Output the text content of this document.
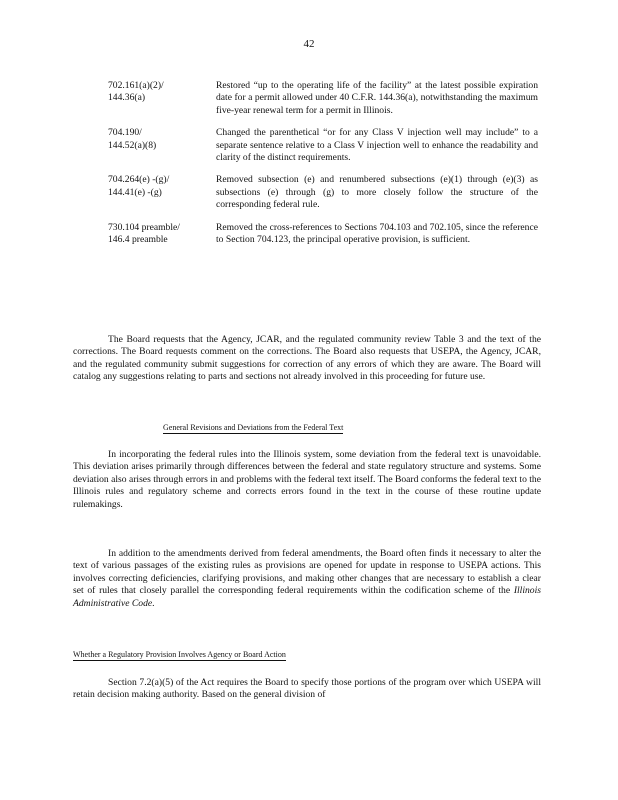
42
702.161(a)(2)/
144.36(a)
Restored “up to the operating life of the facility” at the latest possible expiration date for a permit allowed under 40 C.F.R. 144.36(a), notwithstanding the maximum five-year renewal term for a permit in Illinois.
704.190/
144.52(a)(8)
Changed the parenthetical “or for any Class V injection well may include” to a separate sentence relative to a Class V injection well to enhance the readability and clarity of the distinct requirements.
704.264(e) -(g)/
144.41(e) -(g)
Removed subsection (e) and renumbered subsections (e)(1) through (e)(3) as subsections (e) through (g) to more closely follow the structure of the corresponding federal rule.
730.104 preamble/
146.4 preamble
Removed the cross-references to Sections 704.103 and 702.105, since the reference to Section 704.123, the principal operative provision, is sufficient.

The Board requests that the Agency, JCAR, and the regulated community review Table 3 and the text of the corrections. The Board requests comment on the corrections. The Board also requests that USEPA, the Agency, JCAR, and the regulated community submit suggestions for correction of any errors of which they are aware. The Board will catalog any suggestions relating to parts and sections not already involved in this proceeding for future use.

General Revisions and Deviations from the Federal Text

In incorporating the federal rules into the Illinois system, some deviation from the federal text is unavoidable. This deviation arises primarily through differences between the federal and state regulatory structure and systems. Some deviation also arises through errors in and problems with the federal text itself. The Board conforms the federal text to the Illinois rules and regulatory scheme and corrects errors found in the text in the course of these routine update rulemakings.

In addition to the amendments derived from federal amendments, the Board often finds it necessary to alter the text of various passages of the existing rules as provisions are opened for update in response to USEPA actions. This involves correcting deficiencies, clarifying provisions, and making other changes that are necessary to establish a clear set of rules that closely parallel the corresponding federal requirements within the codification scheme of the Illinois Administrative Code.

Whether a Regulatory Provision Involves Agency or Board Action

Section 7.2(a)(5) of the Act requires the Board to specify those portions of the program over which USEPA will retain decision making authority. Based on the general division of
